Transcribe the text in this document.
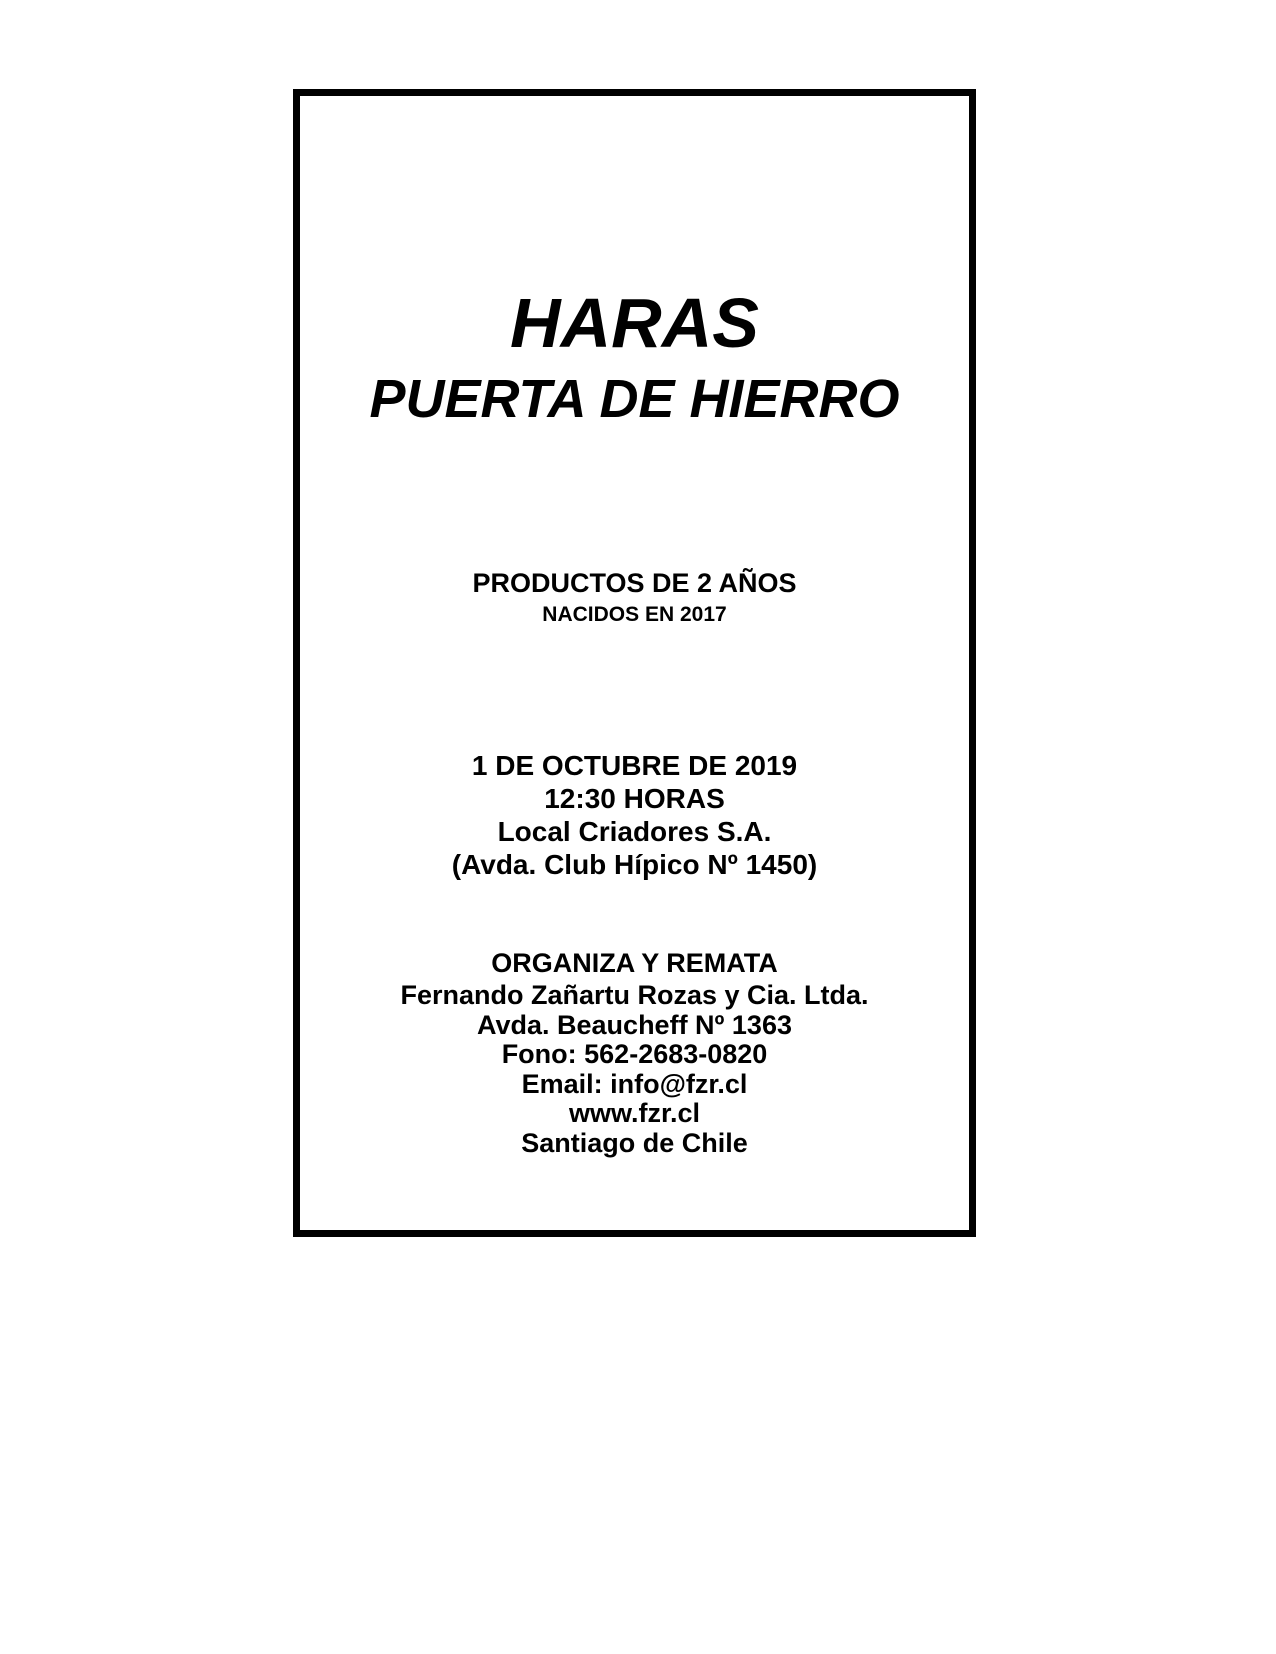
HARAS
PUERTA DE HIERRO
PRODUCTOS DE 2 AÑOS
NACIDOS EN 2017
1 DE OCTUBRE DE 2019
12:30 HORAS
Local Criadores S.A.
(Avda. Club Hípico Nº 1450)
ORGANIZA Y REMATA
Fernando Zañartu Rozas y Cia. Ltda.
Avda. Beaucheff Nº 1363
Fono: 562-2683-0820
Email: info@fzr.cl
www.fzr.cl
Santiago de Chile
